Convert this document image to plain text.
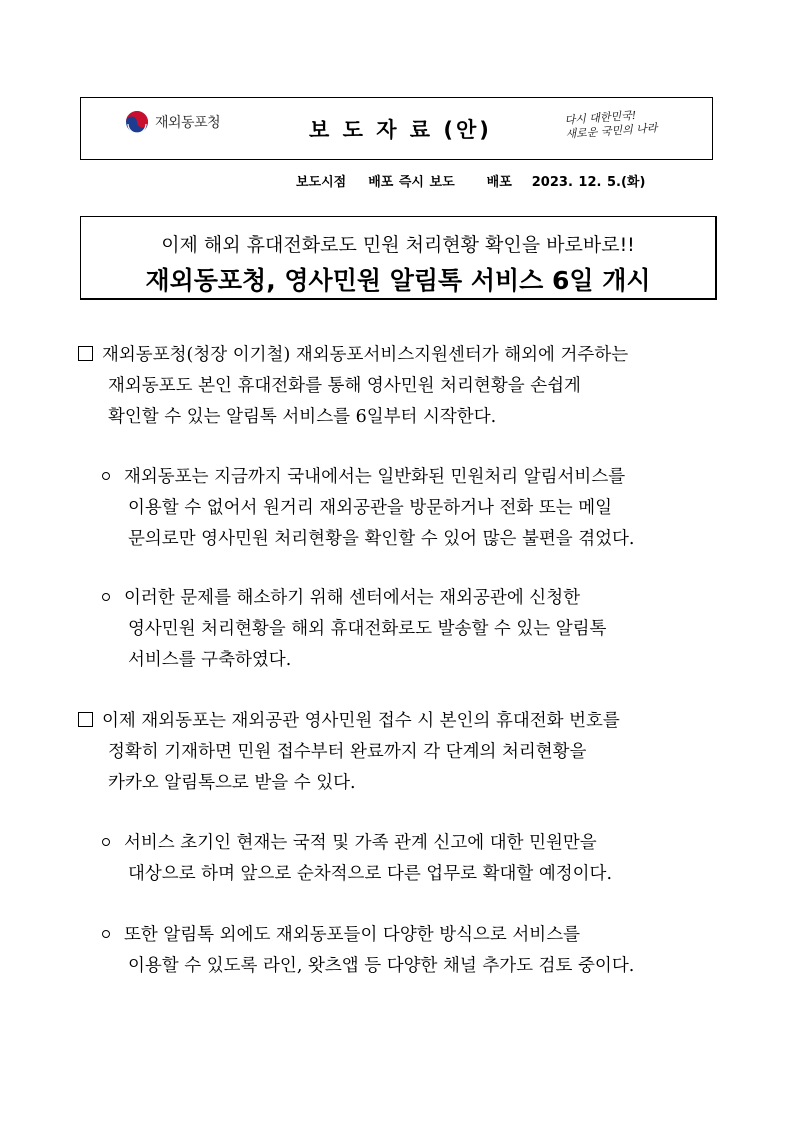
재외동포청	보 도 자 료 (안)
다시 대한민국!
새로운 국민의 나라
보도시점 배포 즉시 보도 배포 2023. 12. 5.(화)
이제 해외 휴대전화로도 민원 처리현황 확인을 바로바로!!
재외동포청, 영사민원 알림톡 서비스 6일 개시
재외동포청(청장 이기철) 재외동포서비스지원센터가 해외에 거주하는
재외동포도 본인 휴대전화를 통해 영사민원 처리현황을 손쉽게
확인할 수 있는 알림톡 서비스를 6일부터 시작한다.
재외동포는 지금까지 국내에서는 일반화된 민원처리 알림서비스를
이용할 수 없어서 원거리 재외공관을 방문하거나 전화 또는 메일
문의로만 영사민원 처리현황을 확인할 수 있어 많은 불편을 겪었다.
이러한 문제를 해소하기 위해 센터에서는 재외공관에 신청한
영사민원 처리현황을 해외 휴대전화로도 발송할 수 있는 알림톡
서비스를 구축하였다.
이제 재외동포는 재외공관 영사민원 접수 시 본인의 휴대전화 번호를
정확히 기재하면 민원 접수부터 완료까지 각 단계의 처리현황을
카카오 알림톡으로 받을 수 있다.
서비스 초기인 현재는 국적 및 가족 관계 신고에 대한 민원만을
대상으로 하며 앞으로 순차적으로 다른 업무로 확대할 예정이다.
또한 알림톡 외에도 재외동포들이 다양한 방식으로 서비스를
이용할 수 있도록 라인, 왓츠앱 등 다양한 채널 추가도 검토 중이다.
